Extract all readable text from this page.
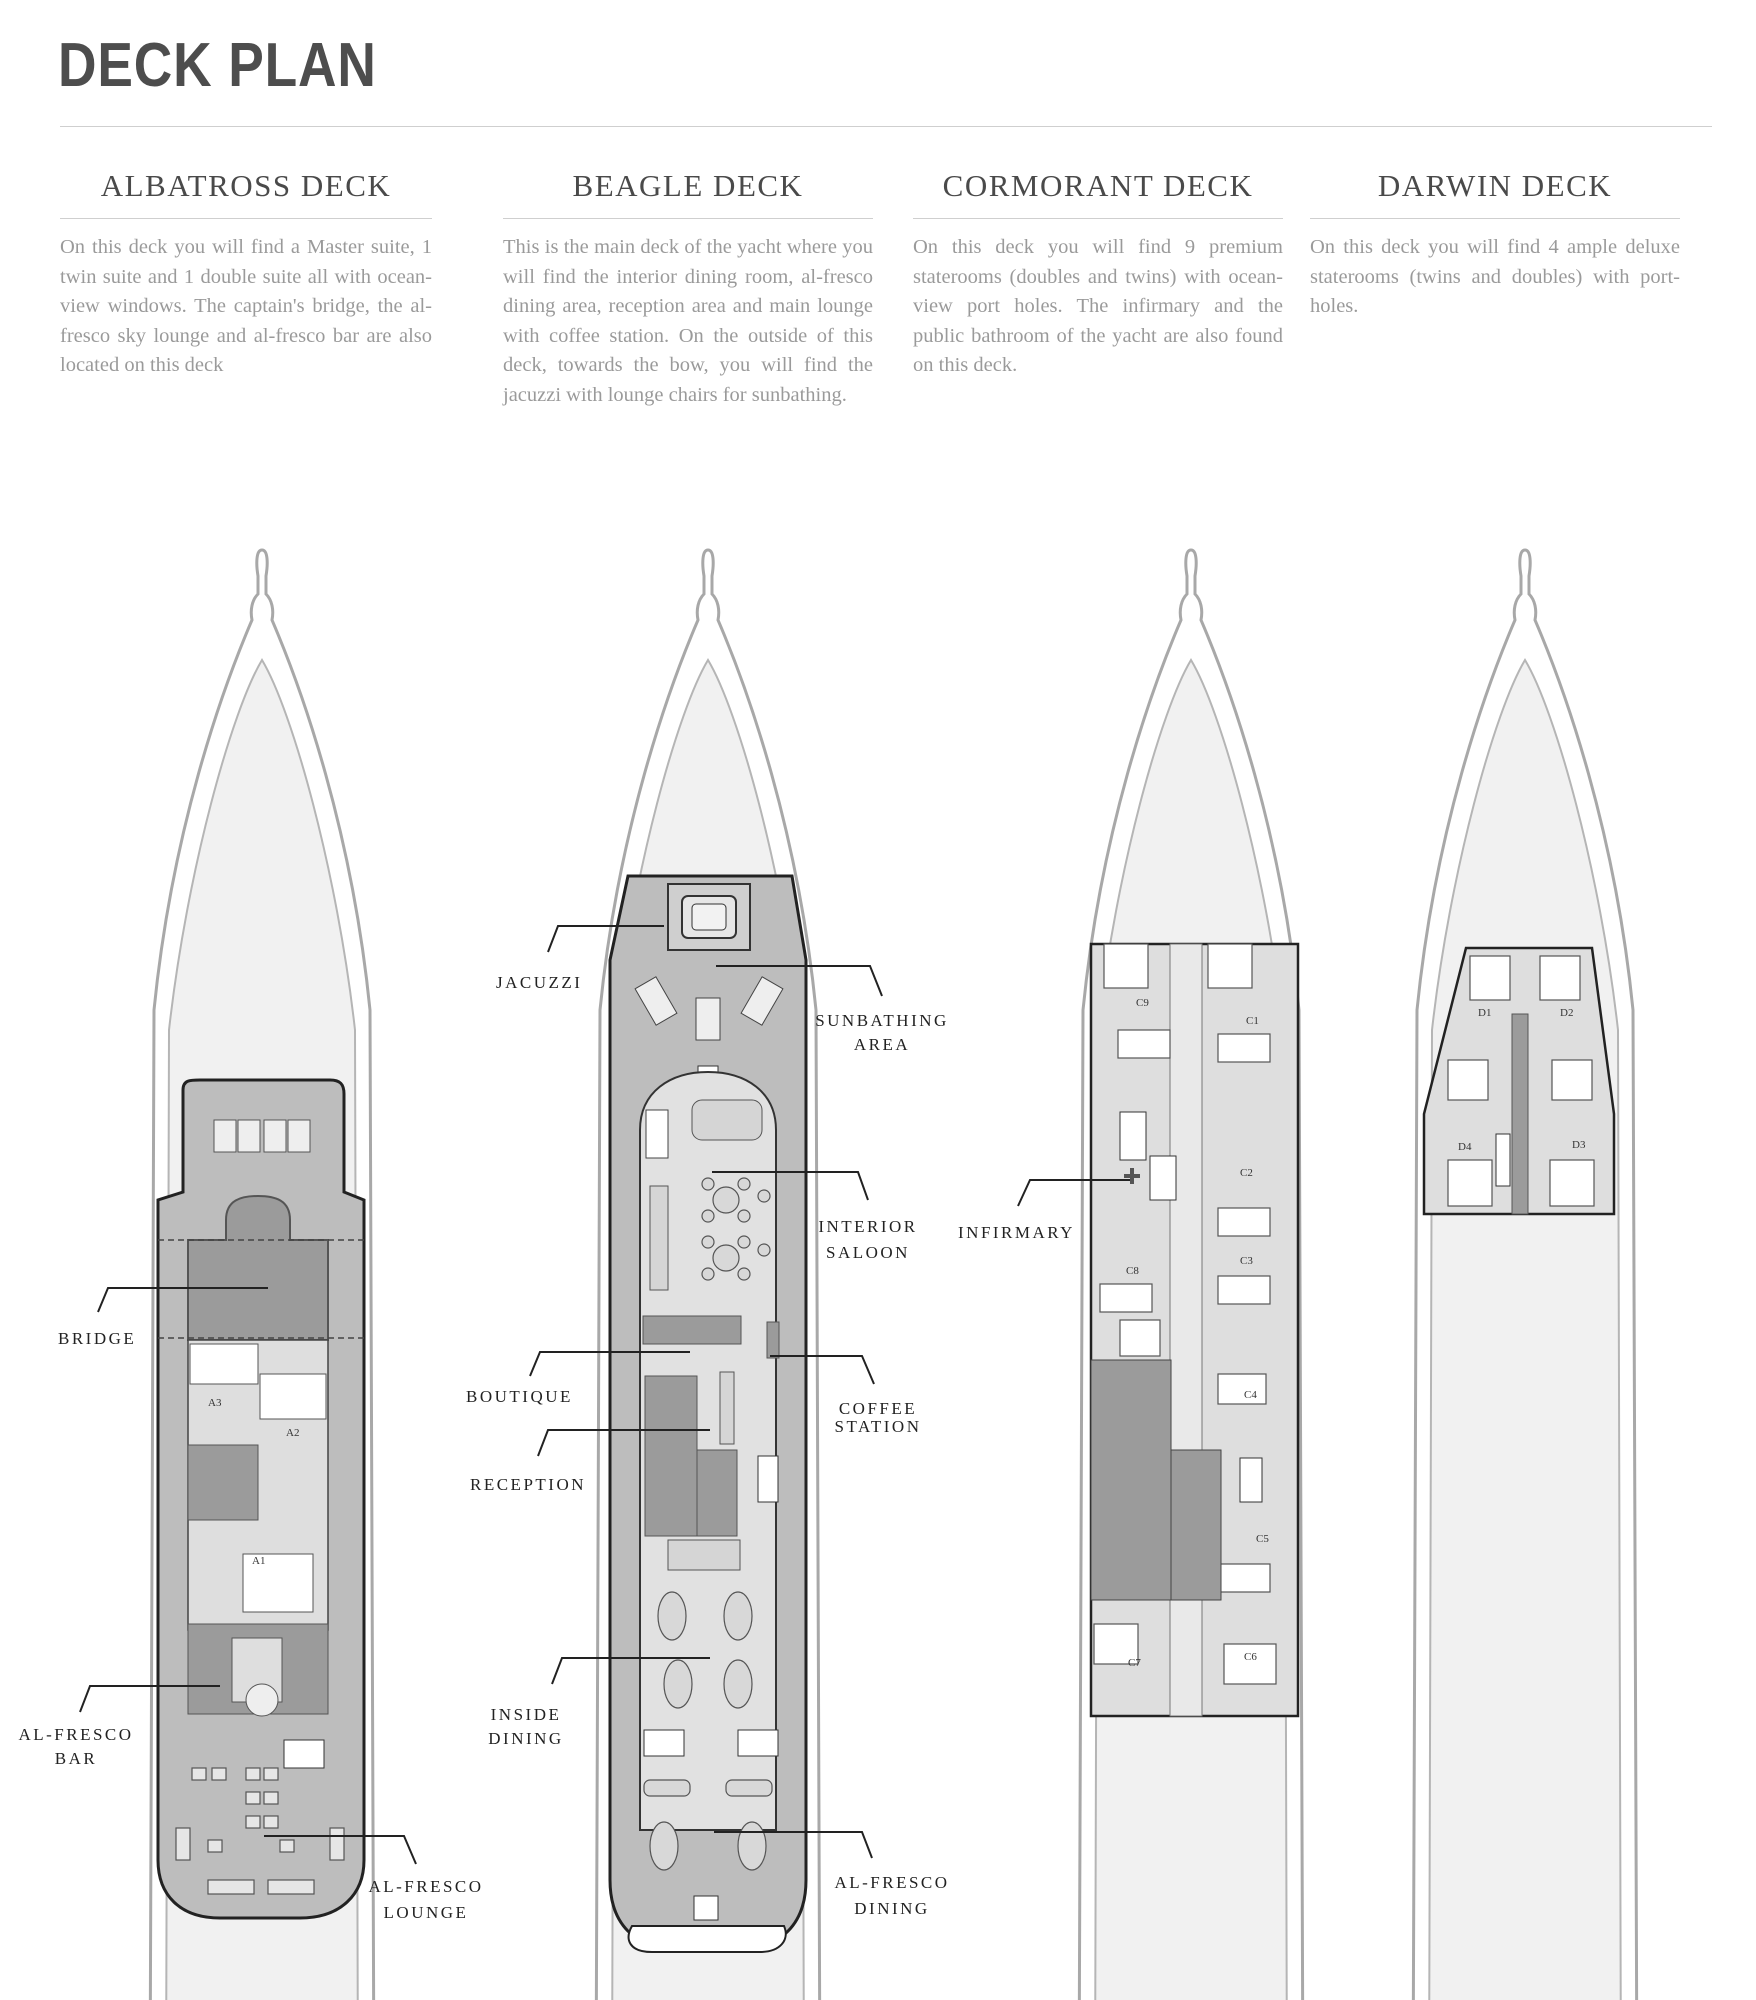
DECK PLAN
ALBATROSS DECK

On this deck you will find a Master suite, 1 twin suite and 1 double suite all with ocean-view windows. The captain's bridge, the al-fresco sky lounge and al-fresco bar are also located on this deck

BEAGLE DECK

This is the main deck of the yacht where you will find the interior dining room, al-fresco dining area, reception area and main lounge with coffee station. On the outside of this deck, towards the bow, you will find the jacuzzi with lounge chairs for sunbathing.

CORMORANT DECK

On this deck you will find 9 premium staterooms (doubles and twins) with ocean-view port holes. The infirmary and the public bathroom of the yacht are also found on this deck.

DARWIN DECK

On this deck you will find 4 ample deluxe staterooms (twins and doubles) with port-holes.

A3
A2
A1
BRIDGE
AL-FRESCO
BAR
AL-FRESCO
LOUNGE
JACUZZI
SUNBATHING
AREA
INTERIOR
SALOON
BOUTIQUE
COFFEE
STATION
RECEPTION
INSIDE
DINING
AL-FRESCO
DINING
C9
C1
C2
C3
C8
C4
C5
C7	C6
INFIRMARY
D1	D2
D4	D3
